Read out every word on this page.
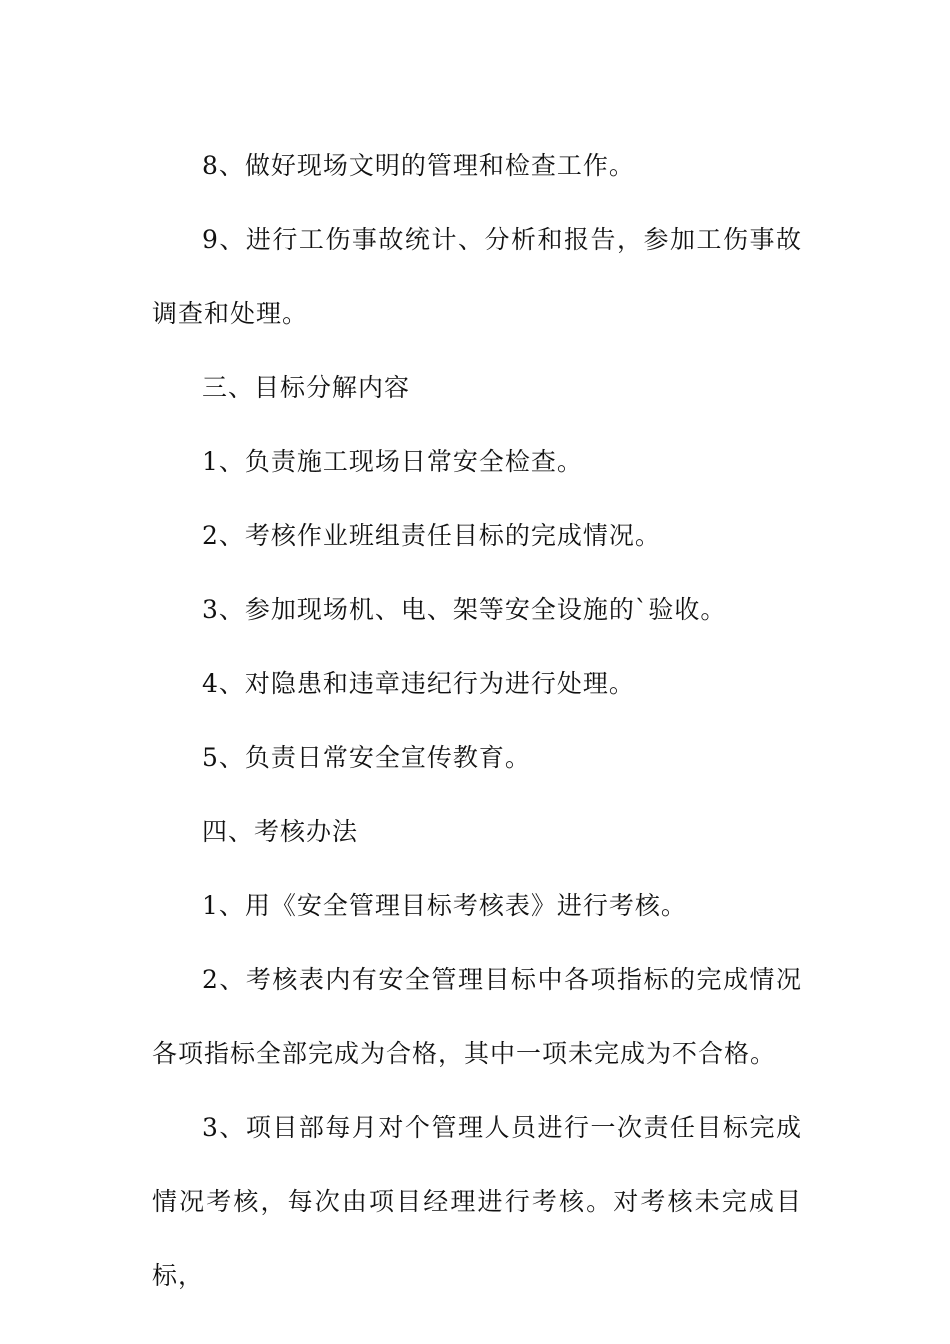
8、做好现场文明的管理和检查工作。

9、进行工伤事故统计、分析和报告，参加工伤事故调查和处理。

三、目标分解内容

1、负责施工现场日常安全检查。

2、考核作业班组责任目标的完成情况。

3、参加现场机、电、架等安全设施的`验收。

4、对隐患和违章违纪行为进行处理。

5、负责日常安全宣传教育。

四、考核办法

1、用《安全管理目标考核表》进行考核。

2、考核表内有安全管理目标中各项指标的完成情况各项指标全部完成为合格，其中一项未完成为不合格。

3、项目部每月对个管理人员进行一次责任目标完成情况考核，每次由项目经理进行考核。对考核未完成目标，
